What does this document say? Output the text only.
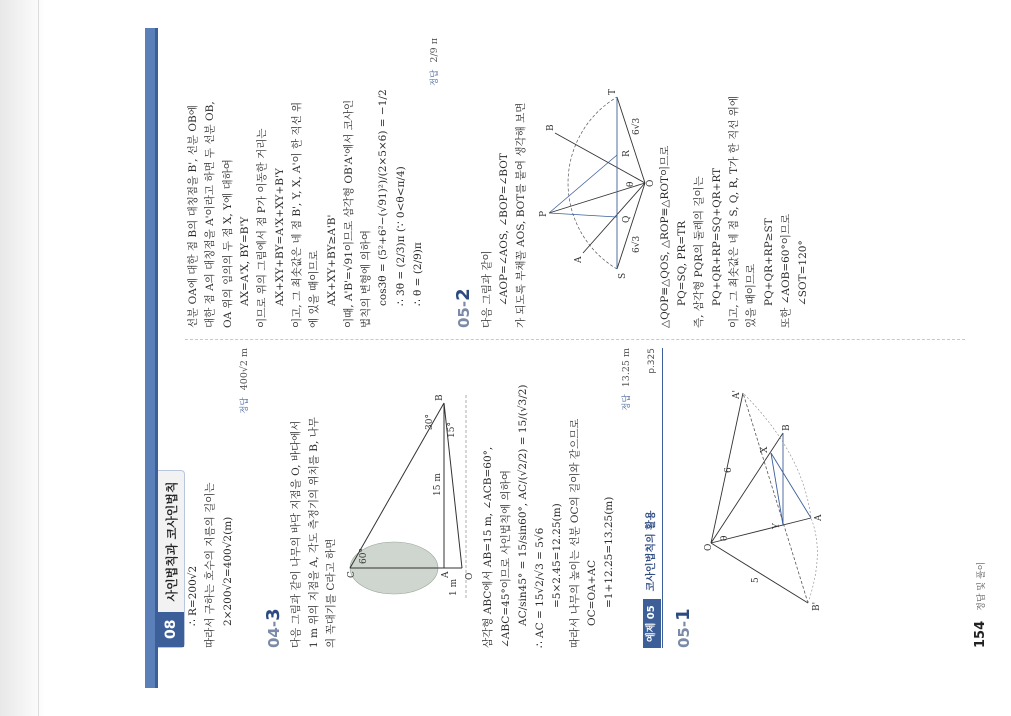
08
사인법칙과 코사인법칙 ∴ R=200√2 따라서 구하는 호수의 지름의 길이는 2×200√2=400√2(m)
정답 400√2 m
04-3 다음 그림과 같이 나무의 바닥 지점을 O, 바다에서 1 m 위의 지점을 A, 각도 측정기의 위치를 B, 나무 의 꼭대기를 C라고 하면	C	O
A
B
60°
30°
15°
15 m
1 m 삼각형 ABC에서 AB=15 m, ∠ACB=60°, ∠ABC=45°이므로 사인법칙에 의하여 AC/sin45° = 15/sin60°, AC/(√2/2) = 15/(√3/2) ∴ AC = 15√2/√3 = 5√6 =5×2.45=12.25(m) 따라서 나무의 높이는 선분 OC의 길이와 같으므로 OC=OA+AC =1+12.25=13.25(m)
정답 13.25 m
예제 05
코사인법칙의 활용
p.325
05-1
B'
O
A
A'
B
X
Y
5
6
θ
선분 OA에 대한 점 B의 대칭점을 B', 선분 OB에 대한 점 A의 대칭점을 A'이라고 하면 두 선분 OB, OA 위의 임의의 두 점 X, Y에 대하여 AX=A'X, BY=B'Y 이므로 위의 그림에서 점 P가 이동한 거리는 AX+XY+BY=A'X+XY+B'Y 이고, 그 최솟값은 네 점 B', Y, X, A'이 한 직선 위 에 있을 때이므로 AX+XY+BY≥A'B' 이때, A'B'=√91이므로 삼각형 OB'A'에서 코사인 법칙의 변형에 의하여 cos3θ = (5²+6²−(√91)²)/(2×5×6) = −1/2 ∴ 3θ = (2/3)π (∵ 0<θ<π/4) ∴ θ = (2/9)π
정답 2/9 π
05-2 다음 그림과 같이 ∠AOP=∠AOS, ∠BOP=∠BOT 가 되도록 부채꼴 AOS, BOT를 붙여 생각해 보면	S
A
P
Q
R
B
T
O
6√3
6√3
θ △QOP≡△QOS, △ROP≡△ROT이므로 PQ=SQ, PR=TR 즉, 삼각형 PQR의 둘레의 길이는 PQ+QR+RP=SQ+QR+RT 이고, 그 최솟값은 네 점 S, Q, R, T가 한 직선 위에 있을 때이므로 PQ+QR+RP≥ST 또한 ∠AOB=60°이므로 ∠SOT=120°
154
정답 및 풀이
